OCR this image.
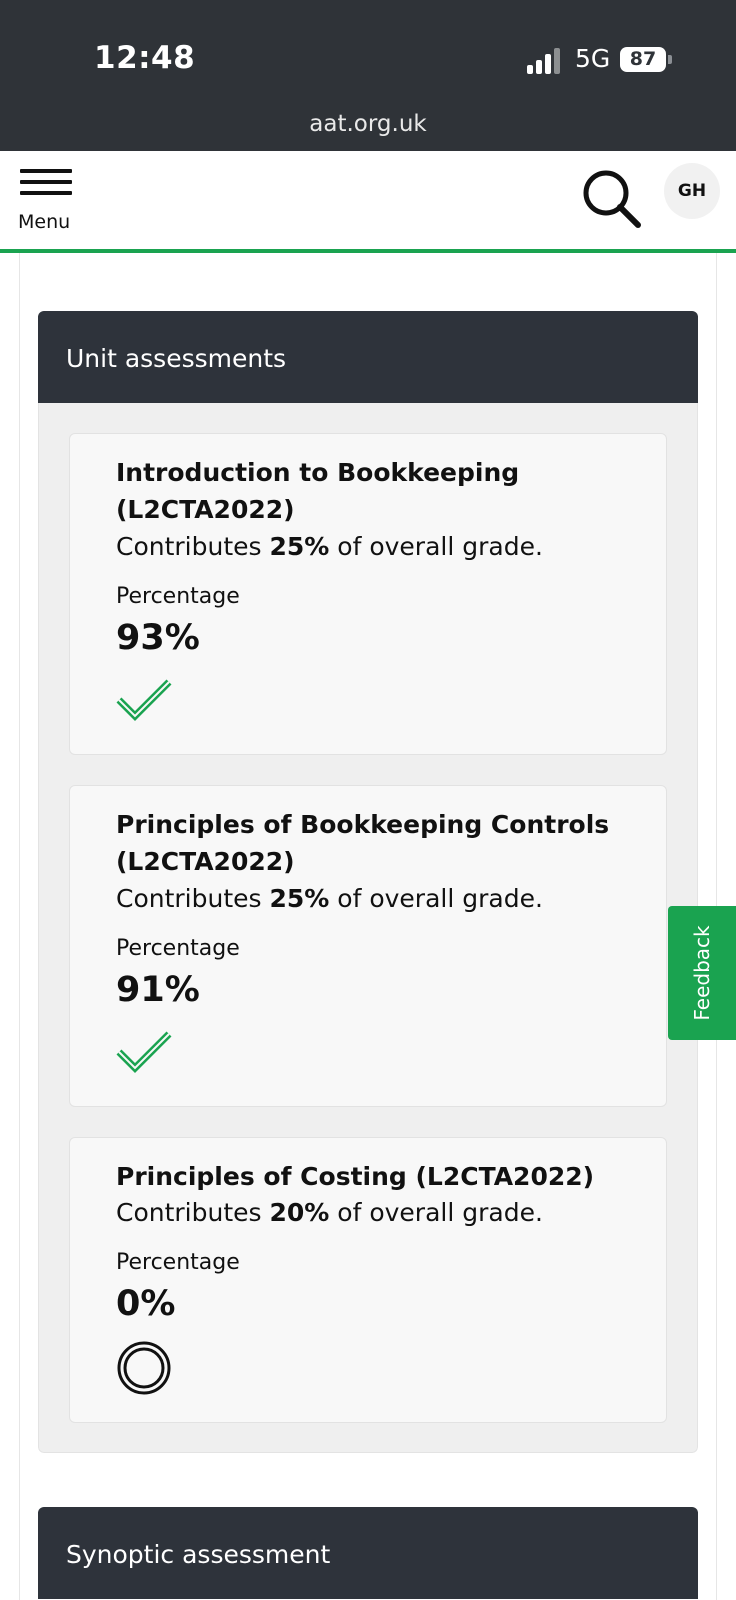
12:48	5G	87
aat.org.uk
Menu
GH
Unit assessments
Introduction to Bookkeeping (L2CTA2022)
Contributes 25% of overall grade.
Percentage
93%
Principles of Bookkeeping Controls (L2CTA2022)
Contributes 25% of overall grade.
Percentage
91%
Principles of Costing (L2CTA2022)
Contributes 20% of overall grade.
Percentage
0%
Synoptic assessment
Feedback
